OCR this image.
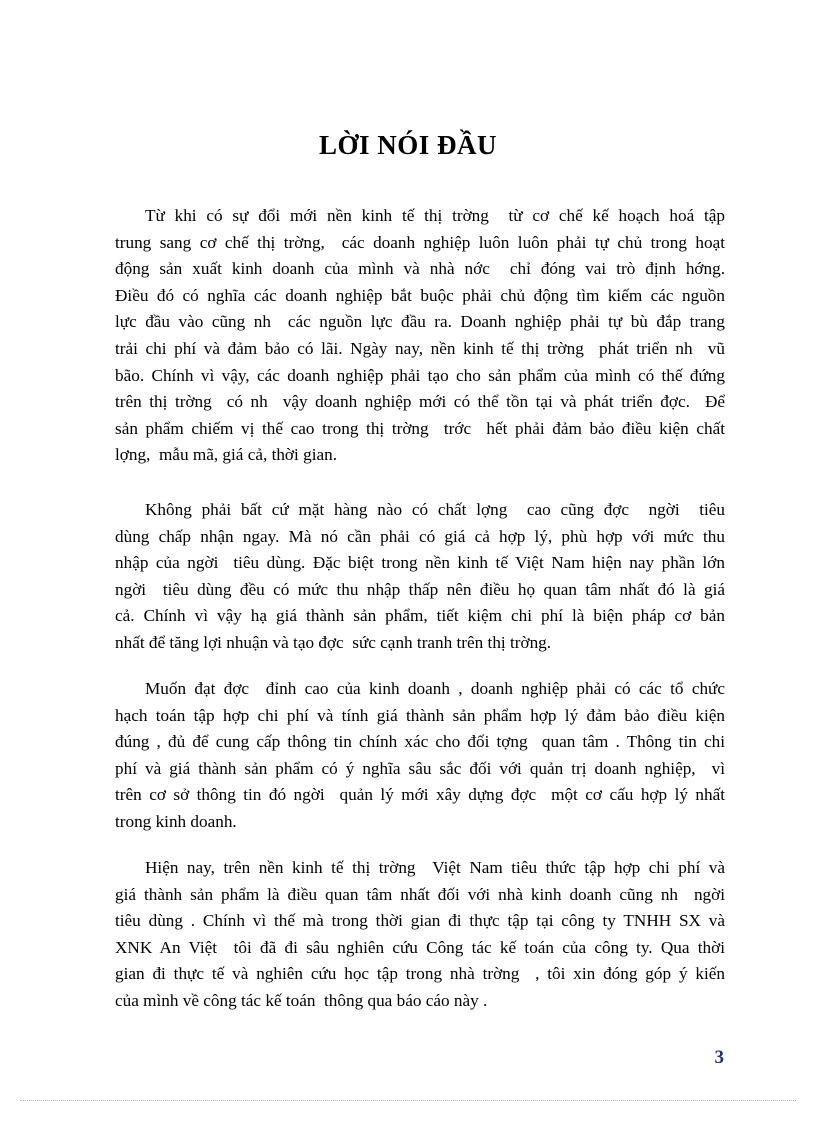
LỜI NÓI ĐẦU
Từ khi có sự đổi mới nền kinh tế thị trờng  từ cơ chế kế hoạch hoá tập
trung sang cơ chế thị trờng,  các doanh nghiệp luôn luôn phải tự chủ trong hoạt
động sản xuất kinh doanh của mình và nhà nớc  chỉ đóng vai trò định hớng.
Điều đó có nghĩa các doanh nghiệp bắt buộc phải chủ động tìm kiếm các nguồn
lực đầu vào cũng nh  các nguồn lực đầu ra. Doanh nghiệp phải tự bù đắp trang
trải chi phí và đảm bảo có lãi. Ngày nay, nền kinh tế thị trờng  phát triển nh  vũ
bão. Chính vì vậy, các doanh nghiệp phải tạo cho sản phẩm của mình có thế đứng
trên thị trờng  có nh  vậy doanh nghiệp mới có thể tồn tại và phát triển đợc.  Để
sản phẩm chiếm vị thế cao trong thị trờng  trớc  hết phải đảm bảo điều kiện chất
lợng,  mẫu mã, giá cả, thời gian.
Không phải bất cứ mặt hàng nào có chất lợng  cao cũng đợc  ngời  tiêu
dùng chấp nhận ngay. Mà nó cần phải có giá cả hợp lý, phù hợp với mức thu
nhập của ngời  tiêu dùng. Đặc biệt trong nền kinh tế Việt Nam hiện nay phần lớn
ngời  tiêu dùng đều có mức thu nhập thấp nên điều họ quan tâm nhất đó là giá
cả. Chính vì vậy hạ giá thành sản phẩm, tiết kiệm chi phí là biện pháp cơ bản
nhất để tăng lợi nhuận và tạo đợc  sức cạnh tranh trên thị trờng.
Muốn đạt đợc  đỉnh cao của kinh doanh , doanh nghiệp phải có các tổ chức
hạch toán tập hợp chi phí và tính giá thành sản phẩm hợp lý đảm bảo điều kiện
đúng , đủ để cung cấp thông tin chính xác cho đối tợng  quan tâm . Thông tin chi
phí và giá thành sản phẩm có ý nghĩa sâu sắc đối với quản trị doanh nghiệp,  vì
trên cơ sở thông tin đó ngời  quản lý mới xây dựng đợc  một cơ cấu hợp lý nhất
trong kinh doanh.
Hiện nay, trên nền kinh tế thị trờng  Việt Nam tiêu thức tập hợp chi phí và
giá thành sản phẩm là điều quan tâm nhất đối với nhà kinh doanh cũng nh  ngời
tiêu dùng . Chính vì thế mà trong thời gian đi thực tập tại công ty TNHH SX và
XNK An Việt  tôi đã đi sâu nghiên cứu Công tác kế toán của công ty. Qua thời
gian đi thực tế và nghiên cứu học tập trong nhà trờng  , tôi xin đóng góp ý kiến
của mình về công tác kế toán  thông qua báo cáo này .
3
